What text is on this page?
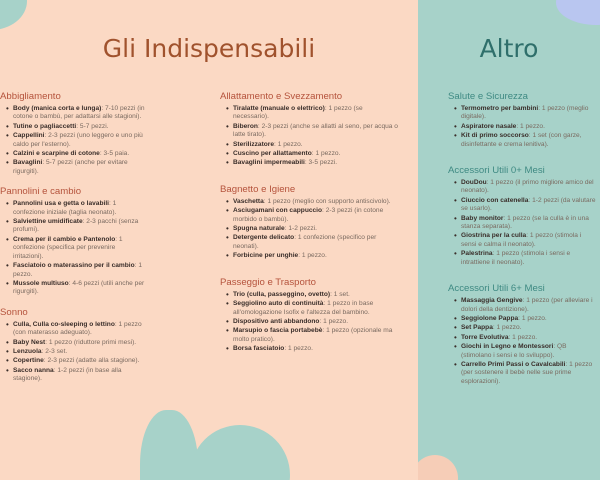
Gli Indispensabili	Altro
Abbigliamento
• Body (manica corta e lunga): 7-10 pezzi (in cotone o bambù, per adattarsi alle stagioni).
• Tutine o pagliaccetti: 5-7 pezzi.
• Cappellini: 2-3 pezzi (uno leggero e uno più caldo per l'esterno).
• Calzini e scarpine di cotone: 3-5 paia.
• Bavaglini: 5-7 pezzi (anche per evitare rigurgiti).
Pannolini e cambio
• Pannolini usa e getta o lavabili: 1 confezione iniziale (taglia neonato).
• Salviettine umidificate: 2-3 pacchi (senza profumi).
• Crema per il cambio e Pantenolo: 1 confezione (specifica per prevenire irritazioni).
• Fasciatoio o materassino per il cambio: 1 pezzo.
• Mussole multiuso: 4-6 pezzi (utili anche per rigurgiti).
Sonno
• Culla, Culla co-sleeping o lettino: 1 pezzo (con materasso adeguato).
• Baby Nest: 1 pezzo (riduttore primi mesi).
• Lenzuola: 2-3 set.
• Copertine: 2-3 pezzi (adatte alla stagione).
• Sacco nanna: 1-2 pezzi (in base alla stagione).
Allattamento e Svezzamento
• Tiralatte (manuale o elettrico): 1 pezzo (se necessario).
• Biberon: 2-3 pezzi (anche se allatti al seno, per acqua o latte tirato).
• Sterilizzatore: 1 pezzo.
• Cuscino per allattamento: 1 pezzo.
• Bavaglini impermeabili: 3-5 pezzi.
Bagnetto e Igiene
• Vaschetta: 1 pezzo (meglio con supporto antiscivolo).
• Asciugamani con cappuccio: 2-3 pezzi (in cotone morbido o bambù).
• Spugna naturale: 1-2 pezzi.
• Detergente delicato: 1 confezione (specifico per neonati).
• Forbicine per unghie: 1 pezzo.
Passeggio e Trasporto
• Trio (culla, passeggino, ovetto): 1 set.
• Seggiolino auto di continuità: 1 pezzo in base all'omologazione Isofix e l'altezza del bambino.
• Dispositivo anti abbandono: 1 pezzo.
• Marsupio o fascia portabebè: 1 pezzo (opzionale ma molto pratico).
• Borsa fasciatoio: 1 pezzo.
Salute e Sicurezza
• Termometro per bambini: 1 pezzo (meglio digitale).
• Aspiratore nasale: 1 pezzo.
• Kit di primo soccorso: 1 set (con garze, disinfettante e crema lenitiva).
Accessori Utili 0+ Mesi
• DouDou: 1 pezzo (il primo migliore amico del neonato).
• Ciuccio con catenella: 1-2 pezzi (da valutare se usarlo).
• Baby monitor: 1 pezzo (se la culla è in una stanza separata).
• Giostrina per la culla: 1 pezzo (stimola i sensi e calma il neonato).
• Palestrina: 1 pezzo (stimola i sensi e intrattiene il neonato).
Accessori Utili 6+ Mesi
• Massaggia Gengive: 1 pezzo (per alleviare i dolori della dentizione).
• Seggiolone Pappa: 1 pezzo.
• Set Pappa: 1 pezzo.
• Torre Evolutiva: 1 pezzo.
• Giochi in Legno e Montessori: QB (stimolano i sensi e lo sviluppo).
• Carrello Primi Passi o Cavalcabili: 1 pezzo (per sostenere il bebè nelle sue prime esplorazioni).
